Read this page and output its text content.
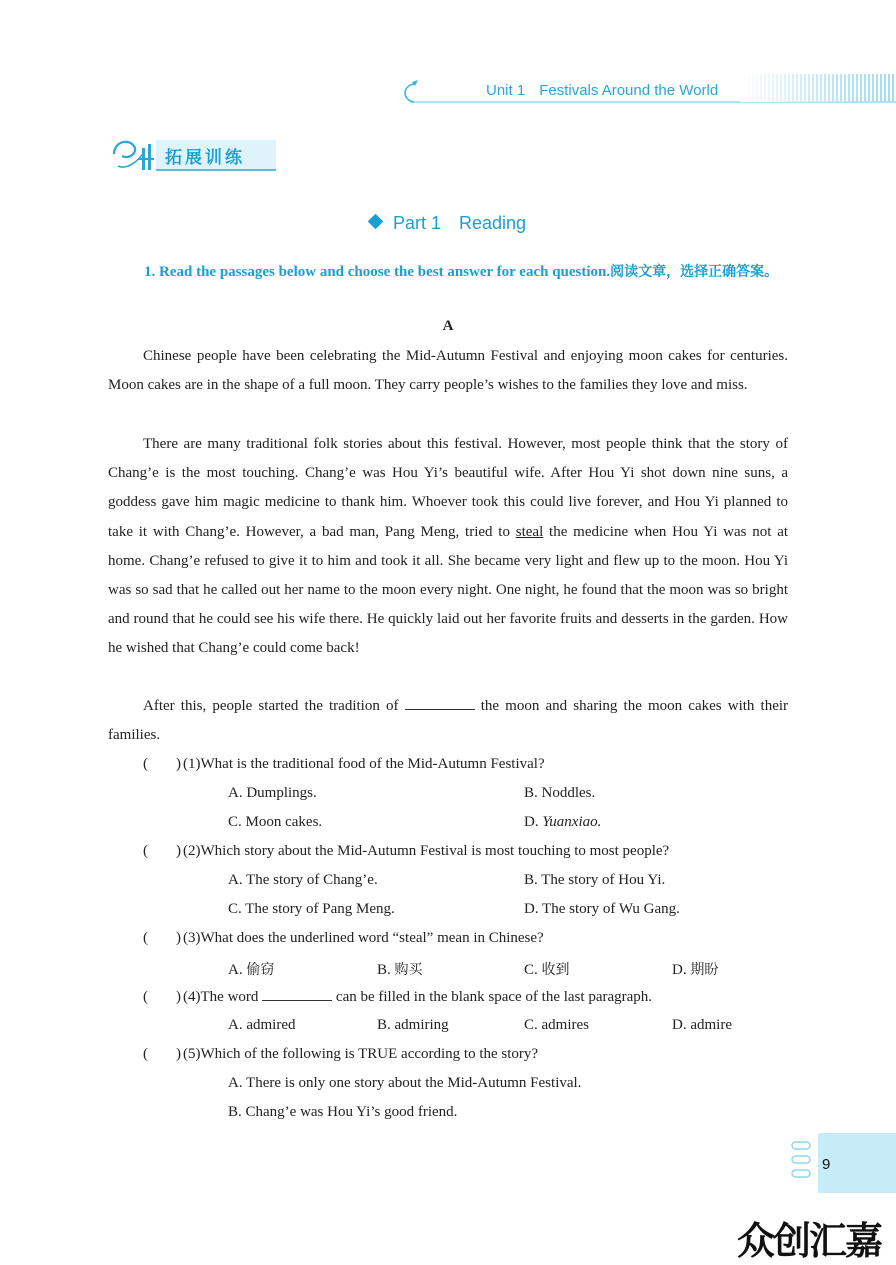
Unit 1 Festivals Around the World
拓展训练
Part 1 Reading
1. Read the passages below and choose the best answer for each question.阅读文章，选择正确答案。
A
Chinese people have been celebrating the Mid-Autumn Festival and enjoying moon cakes for centuries. Moon cakes are in the shape of a full moon. They carry people’s wishes to the families they love and miss.
There are many traditional folk stories about this festival. However, most people think that the story of Chang’e is the most touching. Chang’e was Hou Yi’s beautiful wife. After Hou Yi shot down nine suns, a goddess gave him magic medicine to thank him. Whoever took this could live forever, and Hou Yi planned to take it with Chang’e. However, a bad man, Pang Meng, tried to steal the medicine when Hou Yi was not at home. Chang’e refused to give it to him and took it all. She became very light and flew up to the moon. Hou Yi was so sad that he called out her name to the moon every night. One night, he found that the moon was so bright and round that he could see his wife there. He quickly laid out her favorite fruits and desserts in the garden. How he wished that Chang’e could come back!
After this, people started the tradition of	the moon and sharing the moon cakes with their families.
( ) (1)What is the traditional food of the Mid-Autumn Festival?
A. Dumplings.	B. Noddles.
C. Moon cakes.	D. Yuanxiao.
( ) (2)Which story about the Mid-Autumn Festival is most touching to most people?
A. The story of Chang’e.	B. The story of Hou Yi.
C. The story of Pang Meng.	D. The story of Wu Gang.
( ) (3)What does the underlined word “steal” mean in Chinese?
A. 偷窃	B. 购买	C. 收到	D. 期盼
( ) (4)The word	can be filled in the blank space of the last paragraph.
A. admired	B. admiring	C. admires	D. admire
( ) (5)Which of the following is TRUE according to the story?
A. There is only one story about the Mid-Autumn Festival.
B. Chang’e was Hou Yi’s good friend.
9
众创汇嘉
